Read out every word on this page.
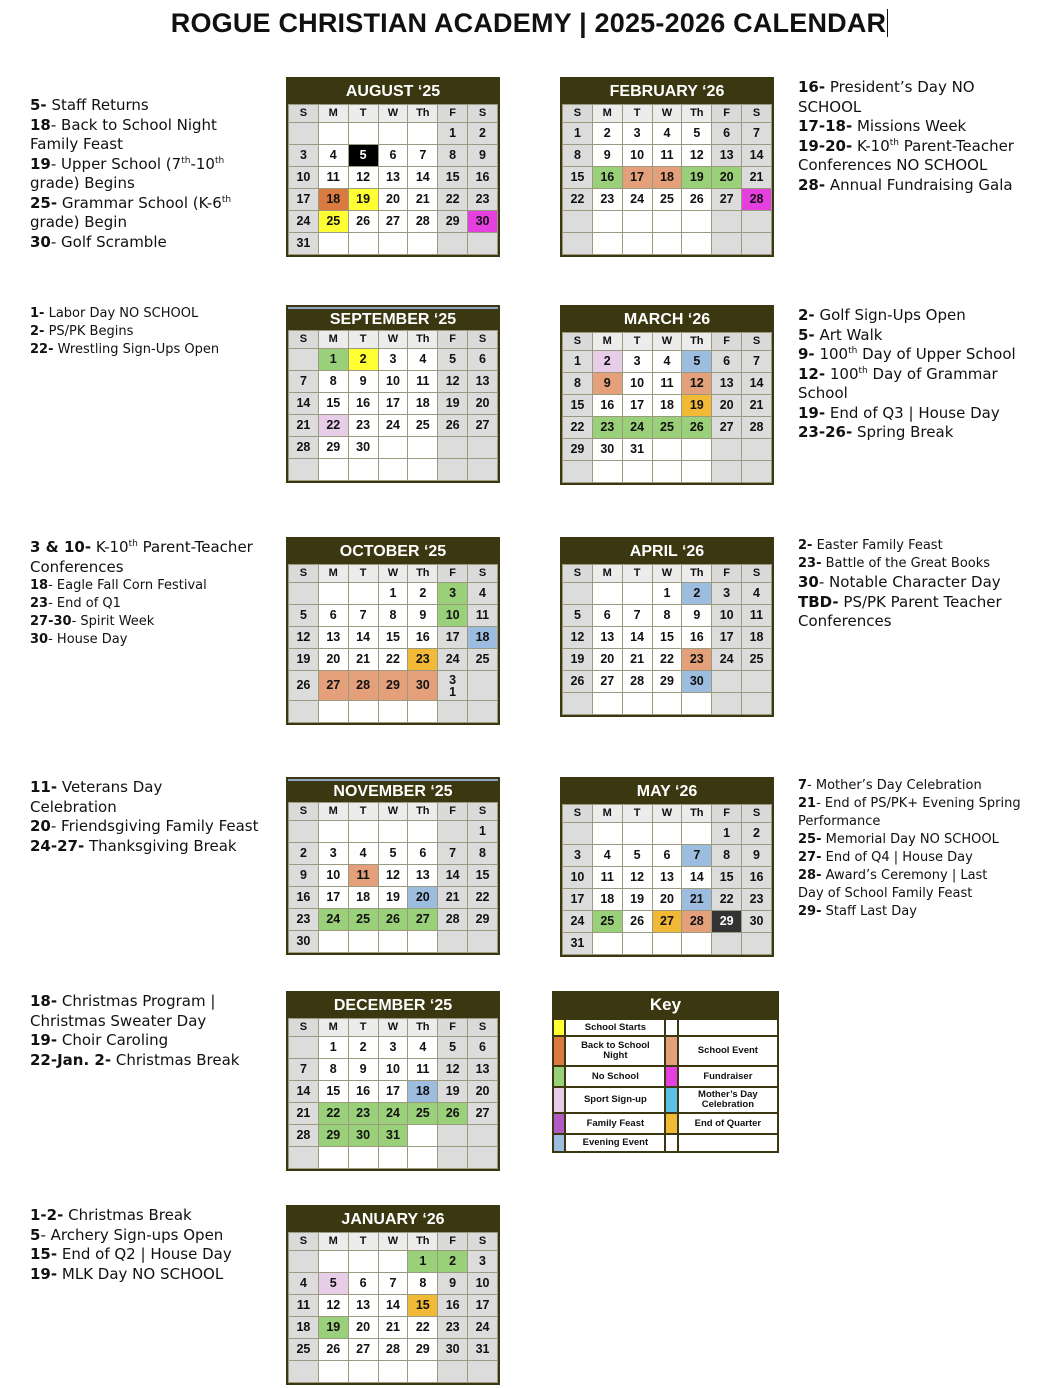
ROGUE CHRISTIAN ACADEMY | 2025-2026 CALENDAR
AUGUST ‘25
S	M	T	W	Th	F	S
					1	2
3	4	5	6	7	8	9
10	11	12	13	14	15	16
17	18	19	20	21	22	23
24	25	26	27	28	29	30
31						
SEPTEMBER ‘25
S	M	T	W	Th	F	S
	1	2	3	4	5	6
7	8	9	10	11	12	13
14	15	16	17	18	19	20
21	22	23	24	25	26	27
28	29	30				

OCTOBER ‘25
S	M	T	W	Th	F	S
			1	2	3	4
5	6	7	8	9	10	11
12	13	14	15	16	17	18
19	20	21	22	23	24	25
26	27	28	29	30	3 1	

NOVEMBER ‘25
S	M	T	W	Th	F	S
						1
2	3	4	5	6	7	8
9	10	11	12	13	14	15
16	17	18	19	20	21	22
23	24	25	26	27	28	29
30						
DECEMBER ‘25
S	M	T	W	Th	F	S
	1	2	3	4	5	6
7	8	9	10	11	12	13
14	15	16	17	18	19	20
21	22	23	24	25	26	27
28	29	30	31			

JANUARY ‘26
S	M	T	W	Th	F	S
				1	2	3
4	5	6	7	8	9	10
11	12	13	14	15	16	17
18	19	20	21	22	23	24
25	26	27	28	29	30	31

FEBRUARY ‘26
S	M	T	W	Th	F	S
1	2	3	4	5	6	7
8	9	10	11	12	13	14
15	16	17	18	19	20	21
22	23	24	25	26	27	28

MARCH ‘26
S	M	T	W	Th	F	S
1	2	3	4	5	6	7
8	9	10	11	12	13	14
15	16	17	18	19	20	21
22	23	24	25	26	27	28
29	30	31				

APRIL ‘26
S	M	T	W	Th	F	S
			1	2	3	4
5	6	7	8	9	10	11
12	13	14	15	16	17	18
19	20	21	22	23	24	25
26	27	28	29	30		

MAY ‘26
S	M	T	W	Th	F	S
					1	2
3	4	5	6	7	8	9
10	11	12	13	14	15	16
17	18	19	20	21	22	23
24	25	26	27	28	29	30
31						
5- Staff Returns
18- Back to School Night
Family Feast
19- Upper School (7th-10th
grade) Begins
25- Grammar School (K-6th
grade) Begin
30- Golf Scramble
1- Labor Day NO SCHOOL
2- PS/PK Begins
22- Wrestling Sign-Ups Open
3 & 10- K-10th Parent-Teacher
Conferences
18- Eagle Fall Corn Festival
23- End of Q1
27-30- Spirit Week
30- House Day
11- Veterans Day
Celebration
20- Friendsgiving Family Feast
24-27- Thanksgiving Break
18- Christmas Program |
Christmas Sweater Day
19- Choir Caroling
22-Jan. 2- Christmas Break
1-2- Christmas Break
5- Archery Sign-ups Open
15- End of Q2 | House Day
19- MLK Day NO SCHOOL
16- President’s Day NO
SCHOOL
17-18- Missions Week
19-20- K-10th Parent-Teacher
Conferences NO SCHOOL
28- Annual Fundraising Gala
2- Golf Sign-Ups Open
5- Art Walk
9- 100th Day of Upper School
12- 100th Day of Grammar
School
19- End of Q3 | House Day
23-26- Spring Break
2- Easter Family Feast
23- Battle of the Great Books
30- Notable Character Day
TBD- PS/PK Parent Teacher
Conferences
7- Mother’s Day Celebration
21- End of PS/PK+ Evening Spring
Performance
25- Memorial Day NO SCHOOL
27- End of Q4 | House Day
28- Award’s Ceremony | Last
Day of School Family Feast
29- Staff Last Day
Key
	School Starts		
	Back to School Night		School Event
	No School		Fundraiser
	Sport Sign-up		Mother’s Day Celebration
	Family Feast		End of Quarter
	Evening Event		
